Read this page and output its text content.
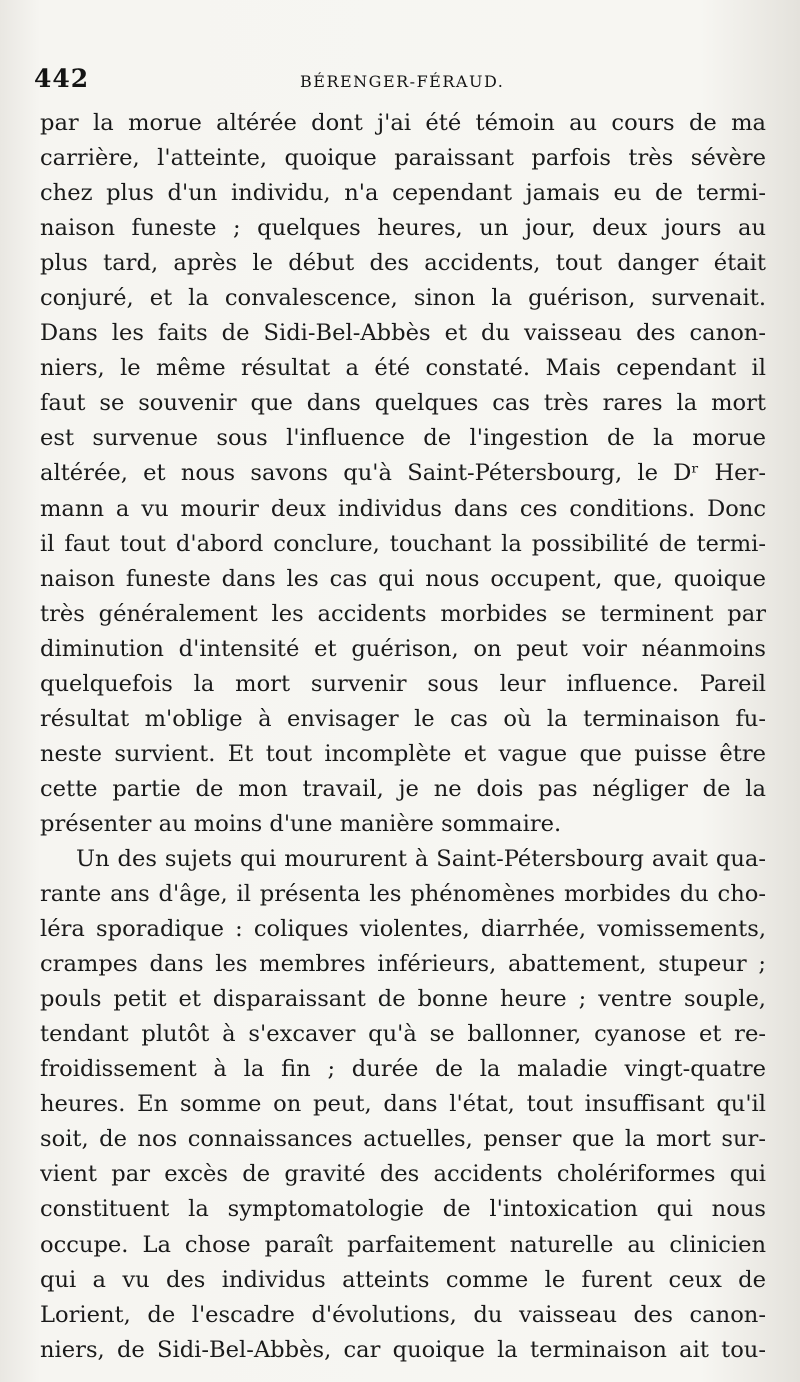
442	BÉRENGER-FÉRAUD.
par la morue altérée dont j'ai été témoin au cours de ma
carrière, l'atteinte, quoique paraissant parfois très sévère
chez plus d'un individu, n'a cependant jamais eu de termi-
naison funeste ; quelques heures, un jour, deux jours au
plus tard, après le début des accidents, tout danger était
conjuré, et la convalescence, sinon la guérison, survenait.
Dans les faits de Sidi-Bel-Abbès et du vaisseau des canon-
niers, le même résultat a été constaté. Mais cependant il
faut se souvenir que dans quelques cas très rares la mort
est survenue sous l'influence de l'ingestion de la morue
altérée, et nous savons qu'à Saint-Pétersbourg, le Dʳ Her-
mann a vu mourir deux individus dans ces conditions. Donc
il faut tout d'abord conclure, touchant la possibilité de termi-
naison funeste dans les cas qui nous occupent, que, quoique
très généralement les accidents morbides se terminent par
diminution d'intensité et guérison, on peut voir néanmoins
quelquefois la mort survenir sous leur influence. Pareil
résultat m'oblige à envisager le cas où la terminaison fu-
neste survient. Et tout incomplète et vague que puisse être
cette partie de mon travail, je ne dois pas négliger de la
présenter au moins d'une manière sommaire.
Un des sujets qui moururent à Saint-Pétersbourg avait qua-
rante ans d'âge, il présenta les phénomènes morbides du cho-
léra sporadique : coliques violentes, diarrhée, vomissements,
crampes dans les membres inférieurs, abattement, stupeur ;
pouls petit et disparaissant de bonne heure ; ventre souple,
tendant plutôt à s'excaver qu'à se ballonner, cyanose et re-
froidissement à la fin ; durée de la maladie vingt-quatre
heures. En somme on peut, dans l'état, tout insuffisant qu'il
soit, de nos connaissances actuelles, penser que la mort sur-
vient par excès de gravité des accidents cholériformes qui
constituent la symptomatologie de l'intoxication qui nous
occupe. La chose paraît parfaitement naturelle au clinicien
qui a vu des individus atteints comme le furent ceux de
Lorient, de l'escadre d'évolutions, du vaisseau des canon-
niers, de Sidi-Bel-Abbès, car quoique la terminaison ait tou-
